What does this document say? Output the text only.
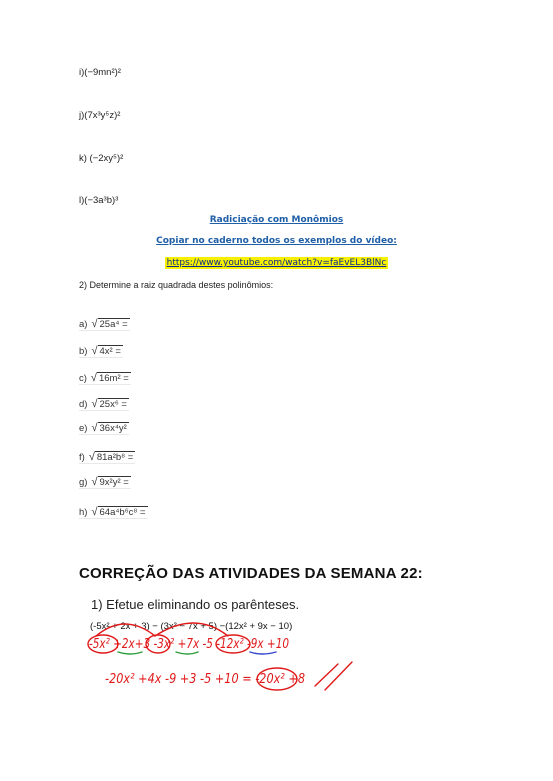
i)(−9mn²)²
j)(7x³y⁵z)²
k) (−2xy⁵)²
l)(−3a³b)³
Radiciação com Monômios
Copiar no caderno todos os exemplos do vídeo:
https://www.youtube.com/watch?v=faEvEL3BlNc
2) Determine a raiz quadrada destes polinômios:
a) √ 25a⁴ =
b) √ 4x² =
c) √ 16m² =
d) √ 25x⁶ =
e) √ 36x⁴y²
f) √ 81a²b⁸ =
g) √ 9x²y² =
h) √ 64a⁴b⁶c⁸ =
CORREÇÃO DAS ATIVIDADES DA SEMANA 22:
1) Efetue eliminando os parênteses.
(-5x² + 2x + 3) − (3x² − 7x + 5) −(12x² + 9x − 10)
-5x² +2x+3 -3x² +7x -5 -12x² -9x +10
-20x² +4x -9 +3 -5 +10 = -20x² +8
